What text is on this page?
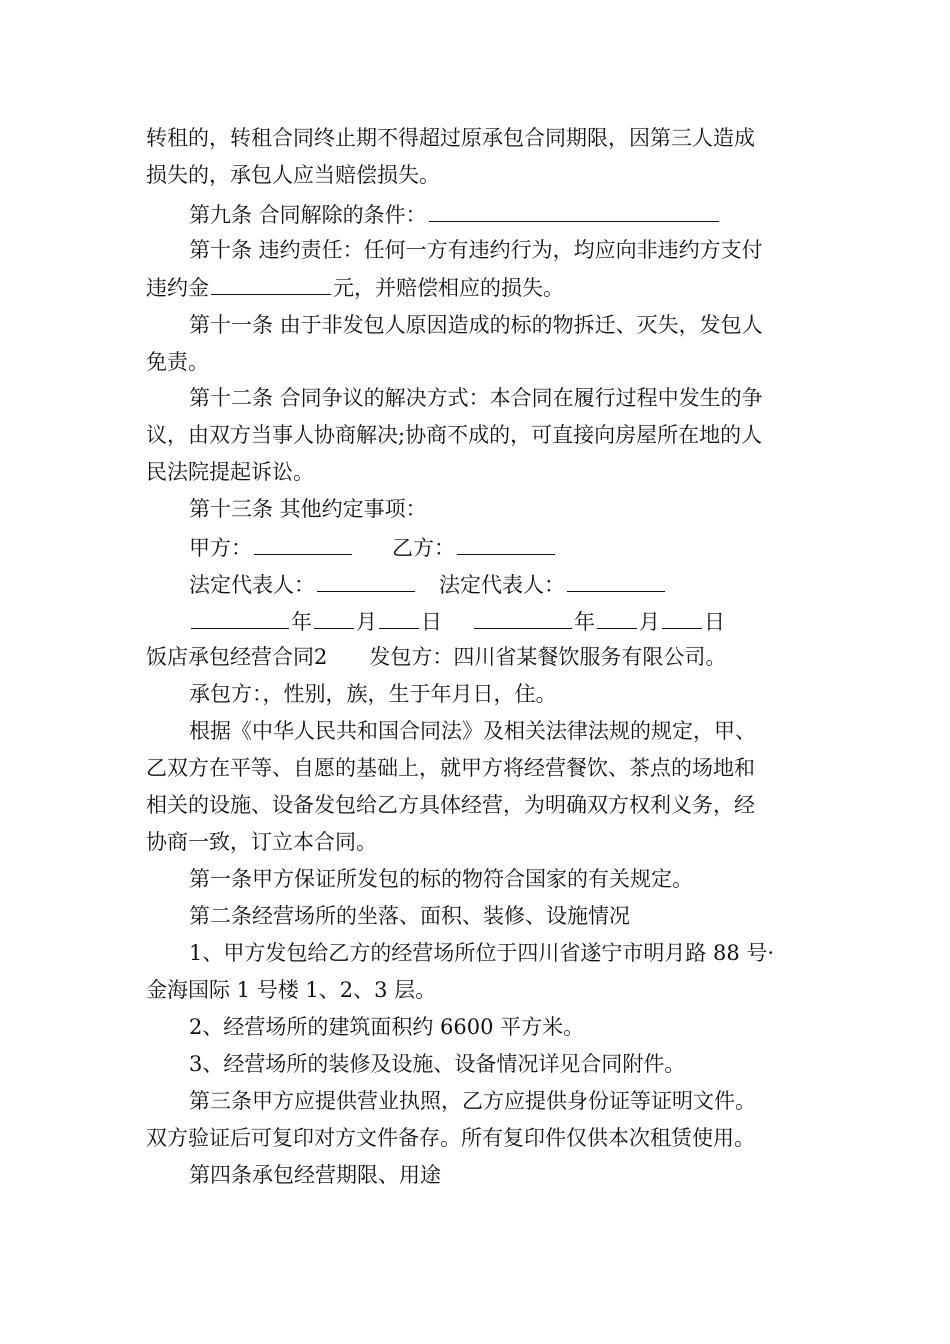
转租的，转租合同终止期不得超过原承包合同期限，因第三人造成
损失的，承包人应当赔偿损失。
第九条 合同解除的条件：
第十条 违约责任：任何一方有违约行为，均应向非违约方支付
违约金	元，并赔偿相应的损失。
第十一条 由于非发包人原因造成的标的物拆迁、灭失，发包人
免责。
第十二条 合同争议的解决方式：本合同在履行过程中发生的争
议，由双方当事人协商解决;协商不成的，可直接向房屋所在地的人
民法院提起诉讼。
第十三条 其他约定事项：
甲方：	乙方：
法定代表人：	法定代表人：
年 月 日	年 月 日
饭店承包经营合同2 发包方：四川省某餐饮服务有限公司。
承包方：，性别，族，生于年月日，住。
根据《中华人民共和国合同法》及相关法律法规的规定，甲、
乙双方在平等、自愿的基础上，就甲方将经营餐饮、茶点的场地和
相关的设施、设备发包给乙方具体经营，为明确双方权利义务，经
协商一致，订立本合同。
第一条甲方保证所发包的标的物符合国家的有关规定。
第二条经营场所的坐落、面积、装修、设施情况
1、甲方发包给乙方的经营场所位于四川省遂宁市明月路 88 号·
金海国际 1 号楼 1、2、3 层。
2、经营场所的建筑面积约 6600 平方米。
3、经营场所的装修及设施、设备情况详见合同附件。
第三条甲方应提供营业执照，乙方应提供身份证等证明文件。
双方验证后可复印对方文件备存。所有复印件仅供本次租赁使用。
第四条承包经营期限、用途
